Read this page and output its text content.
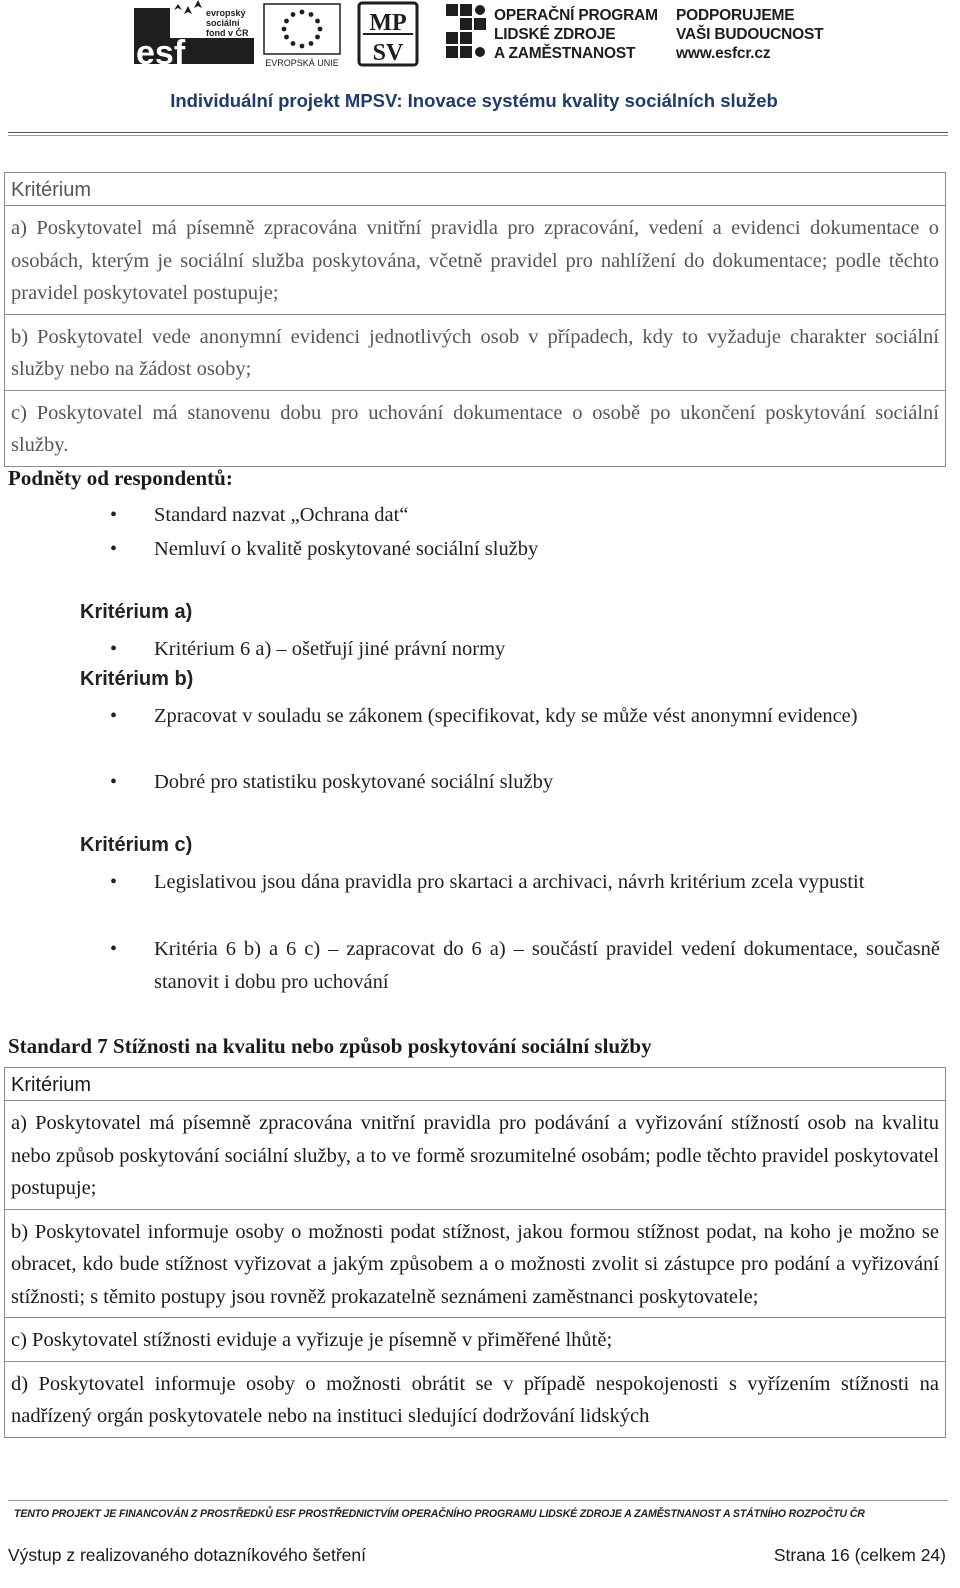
esf
evropský
sociální
fond v ČR
EVROPSKÁ UNIE
MP
SV
OPERAČNÍ PROGRAM
LIDSKÉ ZDROJE
A ZAMĚSTNANOST
PODPORUJEME
VAŠI BUDOUCNOST
www.esfcr.cz
Individuální projekt MPSV: Inovace systému kvality sociálních služeb
Kritérium
a) Poskytovatel má písemně zpracována vnitřní pravidla pro zpracování, vedení a evidenci dokumentace o osobách, kterým je sociální služba poskytována, včetně pravidel pro nahlížení do dokumentace; podle těchto pravidel poskytovatel postupuje;
b) Poskytovatel vede anonymní evidenci jednotlivých osob v případech, kdy to vyžaduje charakter sociální služby nebo na žádost osoby;
c) Poskytovatel má stanovenu dobu pro uchování dokumentace o osobě po ukončení poskytování sociální služby.
Podněty od respondentů:
• Standard nazvat „Ochrana dat“
• Nemluví o kvalitě poskytované sociální služby
Kritérium a)
• Kritérium 6 a) – ošetřují jiné právní normy
Kritérium b)
• Zpracovat v souladu se zákonem (specifikovat, kdy se může vést anonymní evidence)
• Dobré pro statistiku poskytované sociální služby
Kritérium c)
• Legislativou jsou dána pravidla pro skartaci a archivaci, návrh kritérium zcela vypustit
• Kritéria 6 b) a 6 c) – zapracovat do 6 a) – součástí pravidel vedení dokumentace, současně stanovit i dobu pro uchování
Standard 7 Stížnosti na kvalitu nebo způsob poskytování sociální služby
Kritérium
a) Poskytovatel má písemně zpracována vnitřní pravidla pro podávání a vyřizování stížností osob na kvalitu nebo způsob poskytování sociální služby, a to ve formě srozumitelné osobám; podle těchto pravidel poskytovatel postupuje;
b) Poskytovatel informuje osoby o možnosti podat stížnost, jakou formou stížnost podat, na koho je možno se obracet, kdo bude stížnost vyřizovat a jakým způsobem a o možnosti zvolit si zástupce pro podání a vyřizování stížnosti; s těmito postupy jsou rovněž prokazatelně seznámeni zaměstnanci poskytovatele;
c) Poskytovatel stížnosti eviduje a vyřizuje je písemně v přiměřené lhůtě;
d) Poskytovatel informuje osoby o možnosti obrátit se v případě nespokojenosti s vyřízením stížnosti na nadřízený orgán poskytovatele nebo na instituci sledující dodržování lidských
TENTO PROJEKT JE FINANCOVÁN Z PROSTŘEDKŮ ESF PROSTŘEDNICTVÍM OPERAČNÍHO PROGRAMU LIDSKÉ ZDROJE A ZAMĚSTNANOST A STÁTNÍHO ROZPOČTU ČR
Výstup z realizovaného dotazníkového šetření	Strana 16 (celkem 24)
